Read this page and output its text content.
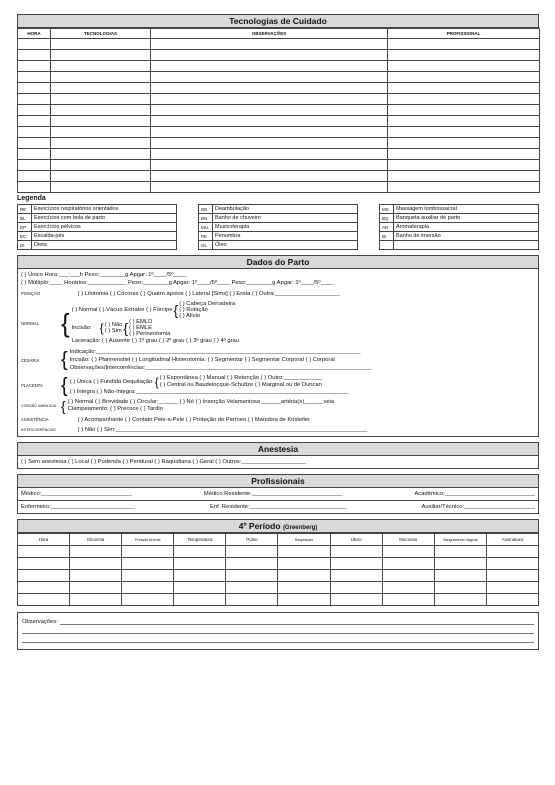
Tecnologias de Cuidado
HORA	TECNOLOGIAS	OBSERVAÇÕES	PROFISSIONAL

Legenda
RE	Exercícios respiratórios orientados
BL	Exercícios com bola de parto
EP	Exercícios pélvicos
EC	Escalda-pés
DI	Dieta
DB	Deambulação
BN	Banho de chuveiro
MU	Musicoterapia
PE	Penumbra
OL	Óleo
MS	Massagem lombossacral
BQ	Banqueta auxiliar de parto
AR	Aromaterapia
BI	Banho de imersão

Dados do Parto
( ) Único Hora:___:___h Peso:________g Apgar: 1º____/5º____
( ) Múltiplo:____ Horários:____________ Peso:________g Apgar: 1º____/5º____ Peso:________g Apgar: 1º____/5º____
POSIÇÃO	( ) Litotomia ( ) Cócoras ( ) Quatro apoios ( ) Lateral [Sims] ( ) Ereta ( ) Outra:____________________
NORMAL { ( ) Normal ( ) Vácuo Extrator ( ) Fórcipe { ( ) Cabeça Derradeira
( ) Rotação
( ) Alívio
Incisão: { ( ) Não
( ) Sim { ( ) EMLD
( ) EMLE
( ) Perineotomia
Laceração: ( ) Ausente ( ) 1º grau ( ) 2º grau ( ) 3º grau ( ) 4º grau
CESÁRIA	{ Indicação:__________________________________________________________________________________
Incisão: ( ) Pfannenstiel ( ) Longitudinal Histerotomia: ( ) Segmentar ( ) Segmentar Corporal ( ) Corporal
Observações/Intercorrências:______________________________________________________________________
PLACENTA { ( ) Única ( ) Fundida Dequitação: { ( ) Espontânea ( ) Manual ( ) Retenção ( ) Outro:____________
( ) Central ou Baudelocque-Schultze ( ) Marginal ou de Duncan
( ) Íntegra ( ) Não-íntegra:__________________________________________________________________
CORDÃO UMBILICAL { ( ) Normal ( ) Brevidade ( ) Circular:______ ( ) Nó ( ) Inserção Velamentosa ______artéria(s)______veia
Clampeamento: ( ) Precoce ( ) Tardio
ASSISTÊNCIA	( ) Acompanhante ( ) Contato Pele-a-Pele ( ) Proteção do Períneo ( ) Manobra de Kristeller
INTERCORRÊNCIAS	( ) Não ( ) Sim:______________________________________________________________________________
Anestesia
( ) Sem anestesia ( ) Local ( ) Pudenda ( ) Peridural ( ) Raquidiana ( ) Geral ( ) Outros:____________________
Profissionais
Médico:____________________________	Médico Residente:____________________________	Acadêmico:____________________________
Enfermeiro:__________________________	Enf. Residente:______________________________	Auxiliar/Técnico:______________________
4º Período (Greenberg)
Hora	Glicemia	Pressão Arterial	Temperatura	Pulso	Respiração	Útero	Mucosas	Sangramento Vaginal	Assinatura

Observações:
